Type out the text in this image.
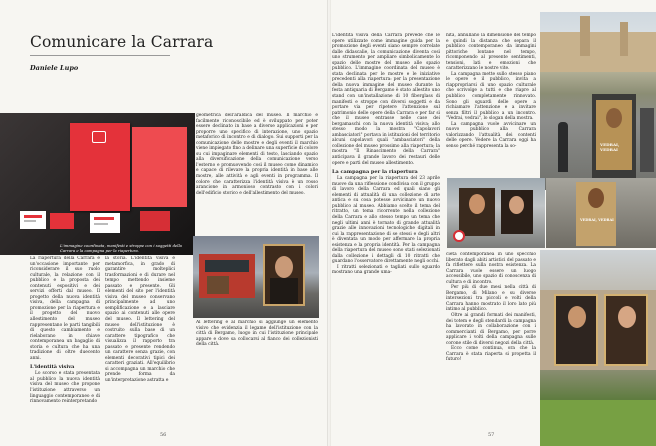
Comunicare la Carrara
Daniele Lupo
L'immagine coordinata, manifesti e stroppe con i soggetti della Carrara e la campagna per la riapertura.

La riapertura della Carrara è un'occasione importante per riconsiderare il suo ruolo culturale, la relazione con il pubblico e la proposta dei contenuti espositivi e dei servizi offerti dal museo. Il progetto della nuova identità visiva, della campagna di promozione per la riapertura e il progetto del nuovo allestimento del museo rappresentano le parti tangibili di questo cambiamento e rielaborano in chiave contemporanea un bagaglio di storia e cultura che ha una tradizione di oltre duecento anni.

L'identità visiva

Lo scorso e stata presentata al pubblico la nuova identità visiva del museo che propone l'istituzione attraverso un linguaggio contemporaneo e di rinnovamento reinterpretando

la storia. L'identità visiva è metamorfica, in grado di garantire molteplici trasformazioni e di durare nel tempo mettendo insieme passato e presente. Gli elementi del sito per l'identità visiva del museo conservano principalmente ad uno semplificazione e a lasciare spazio ai contenuti alle opere del museo. Il lettering del museo dell'istituzione è costruito sulla base di un carattere tipografico che visualizza il rapporto tra passato e presente rendendo un carattere senza grazie, con elementi decorativi tipici dei caratteri graziati. All'equilibrio si accompagna un marchio che prende forma da un'interpretazione astratta e

geometrica dell'araldica del museo. Il marchio è facilmente riconoscibile ed è sviluppato per poter essere declinato in base a diverse applicazioni e per proporre uno specifico di interazione, uno spazio metaforico di incontro e di dialogo. Sui supporti per la comunicazione delle mostre e degli eventi il marchio viene impiegato fino a delinare una superficie di colore su cui impaginare elementi di testo, lasciando spazio alla diversificazione della comunicazione verso l'esterno e promuovendo così il museo come dinamico e capace di rilevare la propria identità in base alle mostre, alle attività e agli eventi in programma. Il colore che caratterizza l'identità visiva è un rosso arancione in armonioso contrasto con i colori dell'edificio storico e dell'allestimento del museo.

Al lettering e al marchio si aggiunge un elemento visivo che evidenzia il legame dell'istituzione con la città di Bergamo, luogo in cui l'istituzione principale appare e dove sa collocarsi al fianco dei collezionisti della città.

56

L'identità visiva della Carrara prevede che le opere utilizzate come immagine guida per la promozione degli eventi siano sempre correlate dalle didascalie, la comunicazione diventa così uno strumento per ampliare simbolicamente lo spazio delle mostre del museo alle spazio pubblico. L'immagine coordinata del museo è stata declinata per le mostre e le iniziative precedenti alla riapertura: per la presentazione della nuova immagine del museo durante la festa antiquaria di Bergamo è stato allestito uno stand con un'installazione di 10 fiberglass di manifesti e stroppe con diversi soggetti e da portare via per ripetere l'attenzione sul patrimonio delle opere della Carrara e per far sì che il museo entrasse nelle case dei bergamaschi con la nuova identità visiva; allo stesso modo la mostra "Capolavori ambasciatori" portava in istituzioni del territorio alcuni capolavori quali "ambasciatori" della collezione del museo prossimo alla riapertura; la mostra "Il Rinascimento della Carrara" anticipava il grande lavoro dei restauri delle opere e parti del museo allestimento.

La campagna per la riapertura

La campagna per la riapertura del 23 aprile muove da una riflessione condivisa con il gruppo di lavoro della Carrara ed quali siano gli elementi di attualità di una collezione di arte antica e su cosa potesse avvicinare un nuovo pubblico al museo. Abbiamo scelto il tema del ritratto, un tema ricorrente nella collezione della Carrara e allo stesso tempo un tema che negli ultimi anni è tornato di grande attualità grazie alle innovazioni tecnologiche digitali in cui la rappresentazione di se stessi e degli altri è diventata un modo per affermare la propria esistenza e la propria identità. Per la campagna della riapertura del museo sono stati selezionati dalla collezione i dettagli di 10 ritratti che guardano l'osservatore direttamente negli occhi.

I ritratti selezionati e tagliati sullo sguardo mostrano una grande uma-

nità, annullano la dimensione del tempo e quindi la distanza che separa il pubblico contemporaneo da immagini pittoriche lontane nel tempo, ricomponendo al presente sentimenti, tensioni, lati e emozioni che caratterizzano le nostre vite.

La campagna mette sullo stesso piano le opere e il pubblico, invita a riappropriarsi di uno spazio culturale che scrivolge a tutti e che riapre al pubblico completamente rinnovato. Sono gli sguardi delle opere a richiamare l'attenzione e a invitare senza filtri il pubblico a un incontro. "Vedrai, vedrai", lo slogan della mostra.

La campagna vuole avvicinare un nuovo pubblico alla Carrara valorizzando l'attualità dei contenti delle opere. Vedere la Carrara oggi ha senso perché rappresenta la so-	VEDRAI, VEDRAI
VEDRAI, VEDRAI

cietà contemporanea in uno specchio liberato dagli abiti artistici del passato e fa riflettere sulla nostra esistenza. La Carrara vuole essere un luogo accessibile, uno spazio di conoscenza di cultura e di incontro.

Per più di due mesi nella città di Bergamo, di Milano e su diverse intersezioni tra piccoli e volti della Carrara hanno mostrato il loro lato più intimo al pubblico.

Oltre ai grandi formati dei manifesti, dei totem e degli stendardi la campagna ha lavorato in collaborazione con i commercianti di Bergamo, per porre applicare i volti della campagna sulle corone stile di diversi negozi della città.

Ecco come continua, ora che la Carrara è stata riaperta si propetta il futuro!

57
